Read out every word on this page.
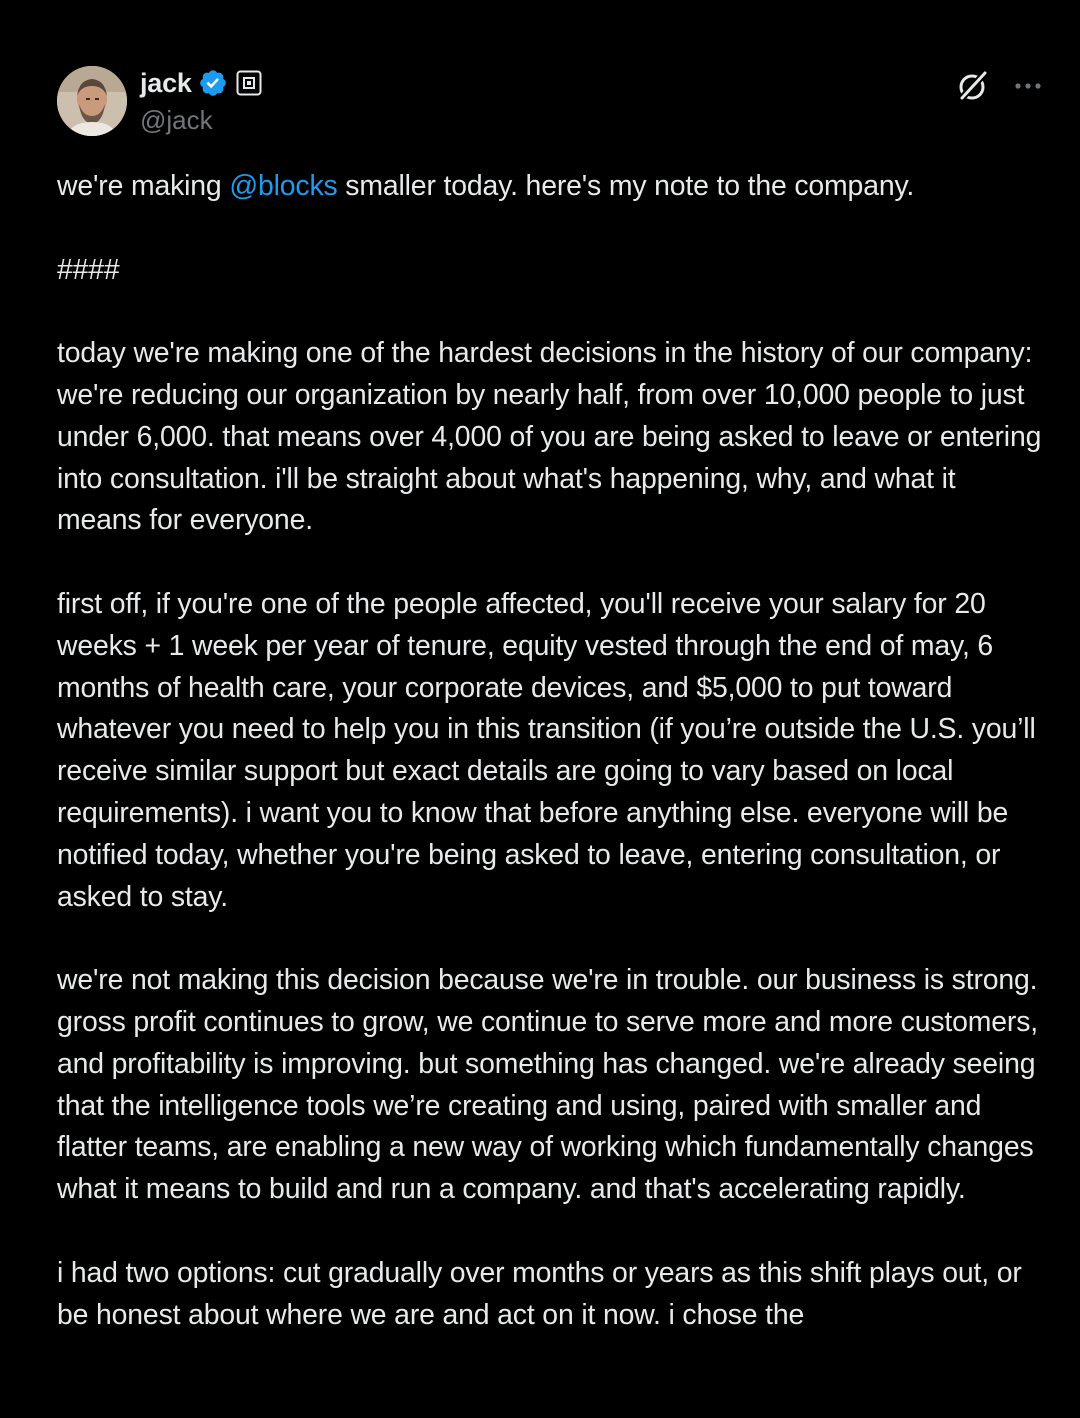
jack
@jack

we're making @blocks smaller today. here's my note to the company.

####

today we're making one of the hardest decisions in the history of our company: we're reducing our organization by nearly half, from over 10,000 people to just under 6,000. that means over 4,000 of you are being asked to leave or entering into consultation. i'll be straight about what's happening, why, and what it means for everyone.

first off, if you're one of the people affected, you'll receive your salary for 20 weeks + 1 week per year of tenure, equity vested through the end of may, 6 months of health care, your corporate devices, and $5,000 to put toward whatever you need to help you in this transition (if you’re outside the U.S. you’ll receive similar support but exact details are going to vary based on local requirements). i want you to know that before anything else. everyone will be notified today, whether you're being asked to leave, entering consultation, or asked to stay.

we're not making this decision because we're in trouble. our business is strong. gross profit continues to grow, we continue to serve more and more customers, and profitability is improving. but something has changed. we're already seeing that the intelligence tools we’re creating and using, paired with smaller and flatter teams, are enabling a new way of working which fundamentally changes what it means to build and run a company. and that's accelerating rapidly.

i had two options: cut gradually over months or years as this shift plays out, or be honest about where we are and act on it now. i chose the
